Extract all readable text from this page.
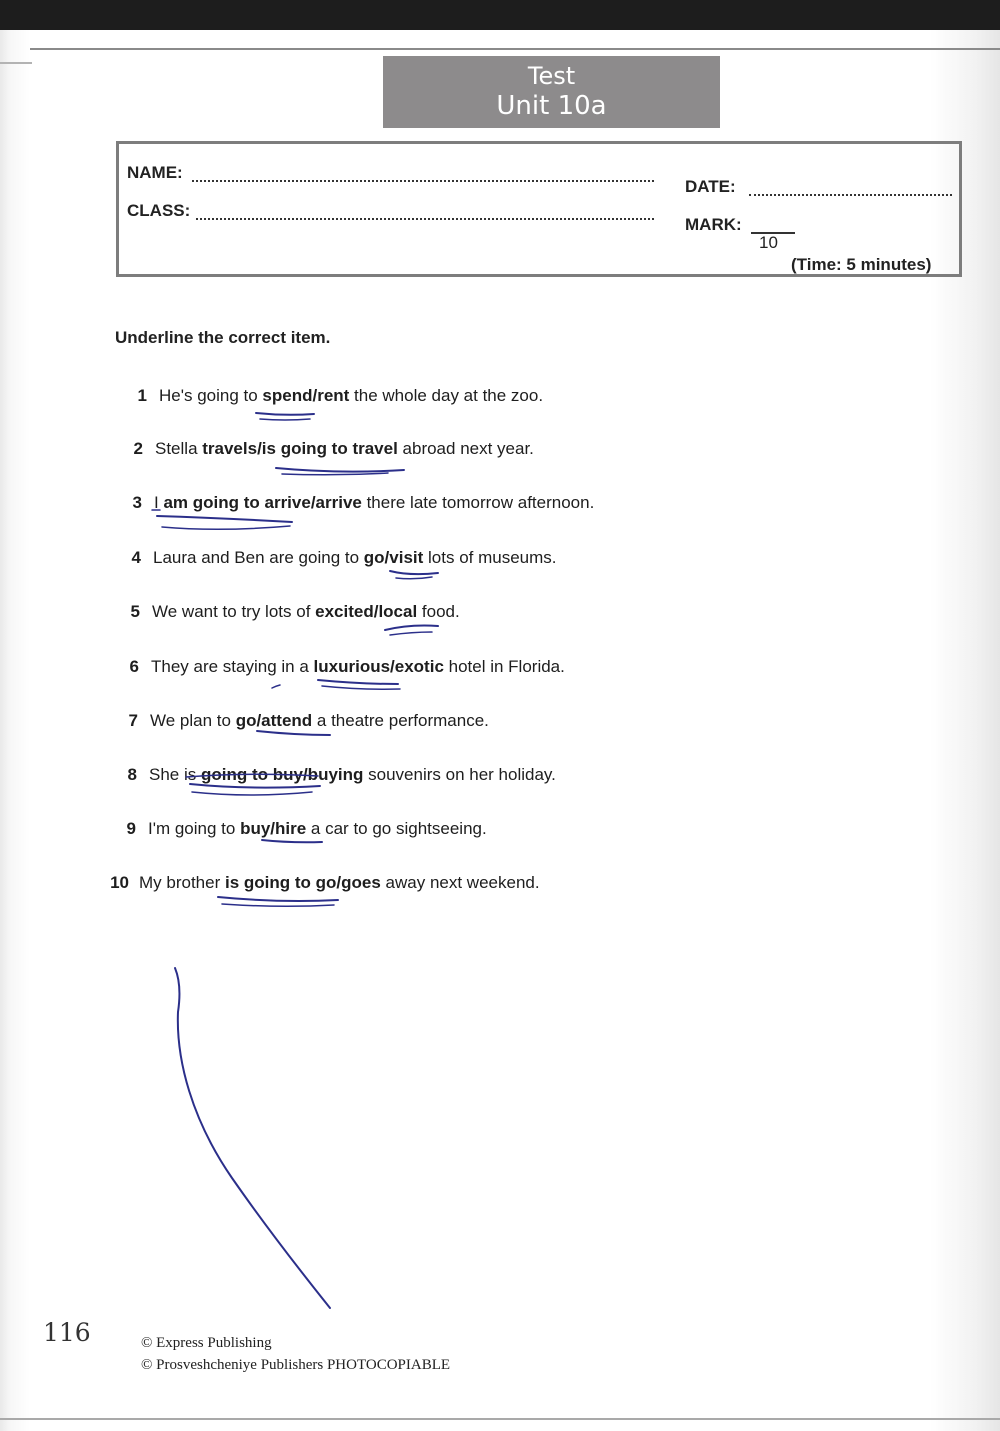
Test
Unit 10a
NAME:
CLASS:
DATE:
MARK:
10
(Time: 5 minutes)
Underline the correct item.
1 He's going to spend/rent the whole day at the zoo.
2 Stella travels/is going to travel abroad next year.
3 I am going to arrive/arrive there late tomorrow afternoon.
4 Laura and Ben are going to go/visit lots of museums.
5 We want to try lots of excited/local food.
6 They are staying in a luxurious/exotic hotel in Florida.
7 We plan to go/attend a theatre performance.
8 She is going to buy/buying souvenirs on her holiday.
9 I'm going to buy/hire a car to go sightseeing.
10 My brother is going to go/goes away next weekend.
116	© Express Publishing
© Prosveshcheniye Publishers PHOTOCOPIABLE
